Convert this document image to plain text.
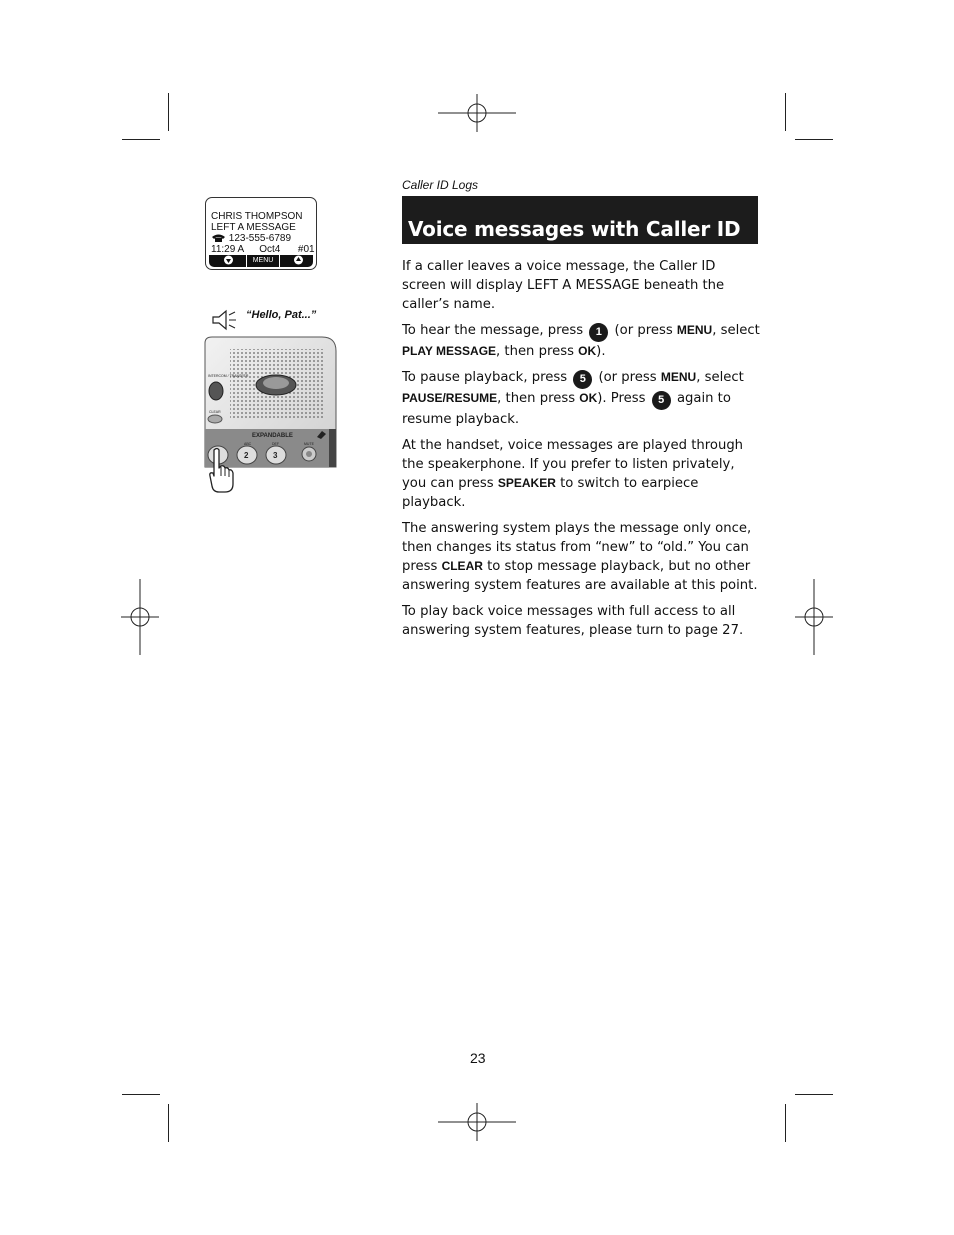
Caller ID Logs
Voice messages with Caller ID
CHRIS THOMPSON
LEFT A MESSAGE
123-555-6789
11:29 A Oct4 #01
MENU
“Hello, Pat...”
EXPANDABLE
INTERCOM / TRANSFER
CLEAR
ABC
2
DEF
3
MUTE

If a caller leaves a voice message, the Caller ID screen will display LEFT A MESSAGE beneath the caller’s name.

To hear the message, press 1 (or press MENU, select PLAY MESSAGE, then press OK).

To pause playback, press 5 (or press MENU, select PAUSE/RESUME, then press OK). Press 5 again to resume playback.

At the handset, voice messages are played through the speakerphone. If you prefer to listen privately, you can press SPEAKER to switch to earpiece playback.

The answering system plays the message only once, then changes its status from “new” to “old.” You can press CLEAR to stop message playback, but no other answering system features are available at this point.

To play back voice messages with full access to all answering system features, please turn to page 27.

23
